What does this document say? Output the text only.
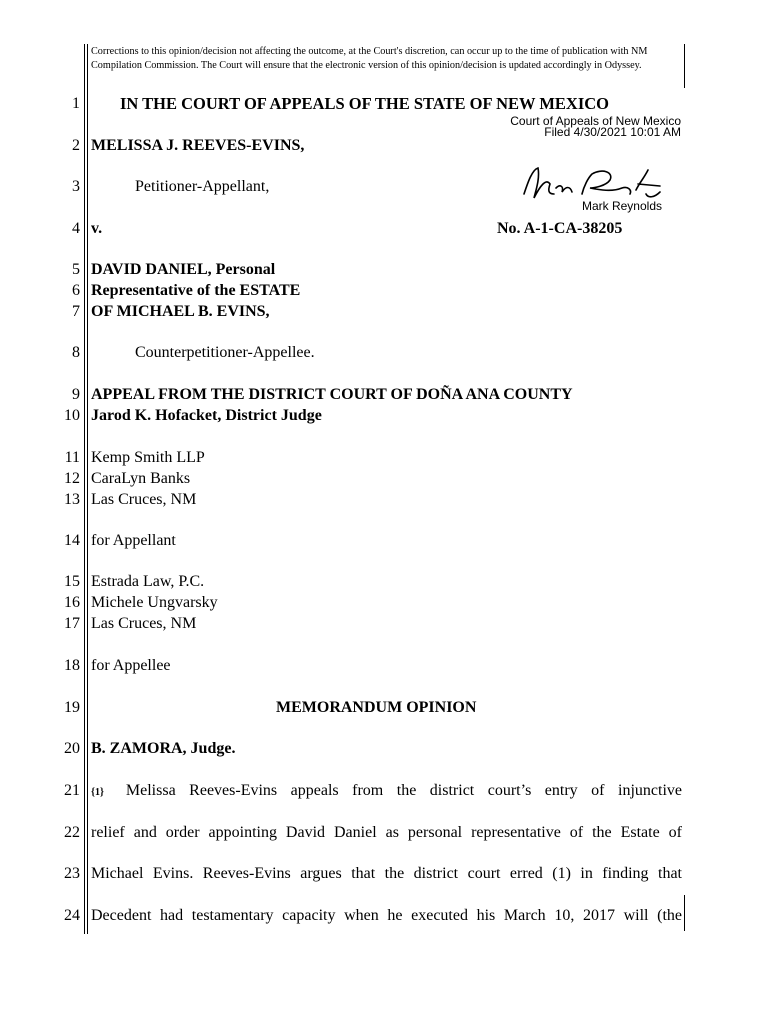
Corrections to this opinion/decision not affecting the outcome, at the Court's discretion, can occur up to the time of publication with NM Compilation Commission. The Court will ensure that the electronic version of this opinion/decision is updated accordingly in Odyssey.

1
2
3
4
5
6
7
8
9
10
11
12
13
14
15
16
17
18
19
20
21
22
23
24
IN THE COURT OF APPEALS OF THE STATE OF NEW MEXICO
Court of Appeals of New Mexico
Filed 4/30/2021 10:01 AM
Mark Reynolds
MELISSA J. REEVES-EVINS,
Petitioner-Appellant,
v.	No. A-1-CA-38205
DAVID DANIEL, Personal
Representative of the ESTATE
OF MICHAEL B. EVINS,
Counterpetitioner-Appellee.
APPEAL FROM THE DISTRICT COURT OF DOÑA ANA COUNTY
Jarod K. Hofacket, District Judge
Kemp Smith LLP
CaraLyn Banks
Las Cruces, NM
for Appellant
Estrada Law, P.C.
Michele Ungvarsky
Las Cruces, NM
for Appellee
MEMORANDUM OPINION
B. ZAMORA, Judge.
{1} Melissa Reeves-Evins appeals from the district court’s entry of injunctive
relief and order appointing David Daniel as personal representative of the Estate of
Michael Evins. Reeves-Evins argues that the district court erred (1) in finding that
Decedent had testamentary capacity when he executed his March 10, 2017 will (the
